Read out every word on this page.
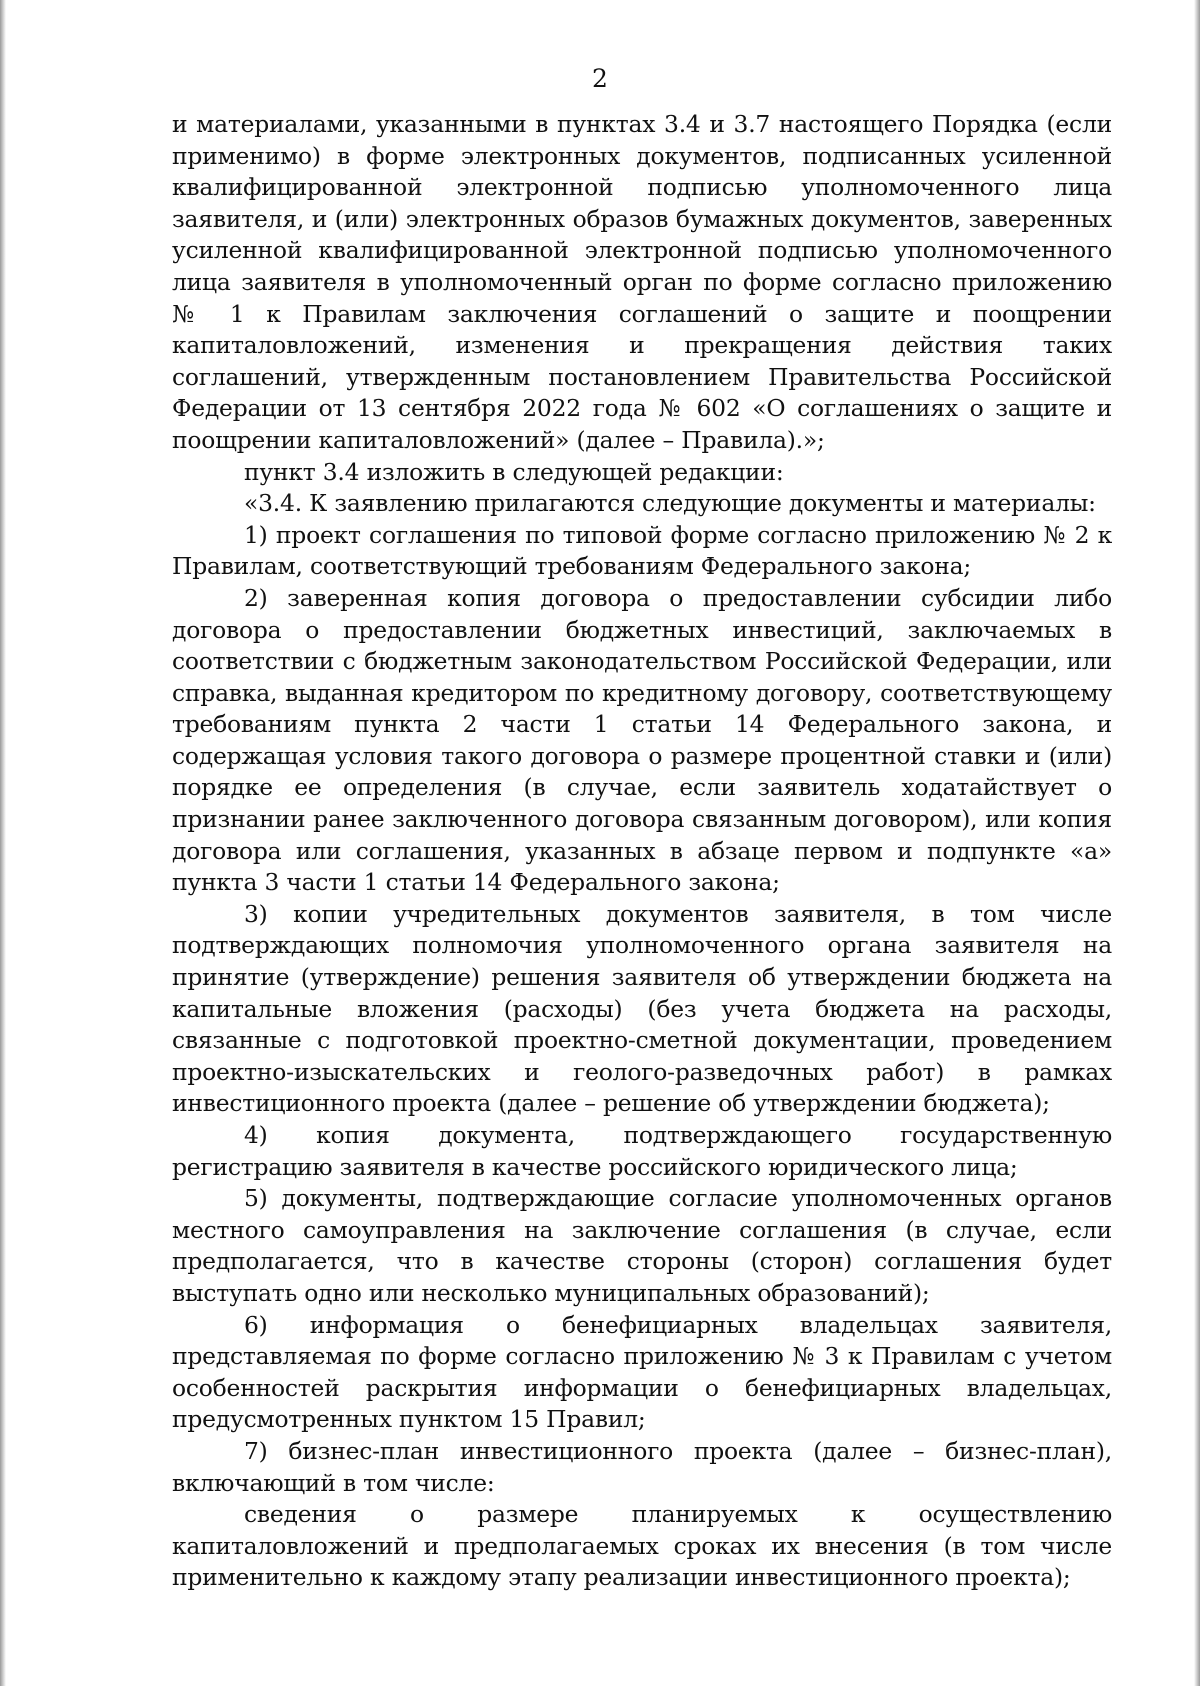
2

и материалами, указанными в пунктах 3.4 и 3.7 настоящего Порядка (если применимо) в форме электронных документов, подписанных усиленной квалифицированной электронной подписью уполномоченного лица заявителя, и (или) электронных образов бумажных документов, заверенных усиленной квалифицированной электронной подписью уполномоченного лица заявителя в уполномоченный орган по форме согласно приложению № 1 к Правилам заключения соглашений о защите и поощрении капиталовложений, изменения и прекращения действия таких соглашений, утвержденным постановлением Правительства Российской Федерации от 13 сентября 2022 года № 602 «О соглашениях о защите и поощрении капиталовложений» (далее – Правила).»;

пункт 3.4 изложить в следующей редакции:

«3.4. К заявлению прилагаются следующие документы и материалы:

1) проект соглашения по типовой форме согласно приложению № 2 к Правилам, соответствующий требованиям Федерального закона;

2) заверенная копия договора о предоставлении субсидии либо договора о предоставлении бюджетных инвестиций, заключаемых в соответствии с бюджетным законодательством Российской Федерации, или справка, выданная кредитором по кредитному договору, соответствующему требованиям пункта 2 части 1 статьи 14 Федерального закона, и содержащая условия такого договора о размере процентной ставки и (или) порядке ее определения (в случае, если заявитель ходатайствует о признании ранее заключенного договора связанным договором), или копия договора или соглашения, указанных в абзаце первом и подпункте «а» пункта 3 части 1 статьи 14 Федерального закона;

3) копии учредительных документов заявителя, в том числе подтверждающих полномочия уполномоченного органа заявителя на принятие (утверждение) решения заявителя об утверждении бюджета на капитальные вложения (расходы) (без учета бюджета на расходы, связанные с подготовкой проектно-сметной документации, проведением проектно-изыскательских и геолого-разведочных работ) в рамках инвестиционного проекта (далее – решение об утверждении бюджета);

4) копия документа, подтверждающего государственную регистрацию заявителя в качестве российского юридического лица;

5) документы, подтверждающие согласие уполномоченных органов местного самоуправления на заключение соглашения (в случае, если предполагается, что в качестве стороны (сторон) соглашения будет выступать одно или несколько муниципальных образований);

6) информация о бенефициарных владельцах заявителя, представляемая по форме согласно приложению № 3 к Правилам с учетом особенностей раскрытия информации о бенефициарных владельцах, предусмотренных пунктом 15 Правил;

7) бизнес-план инвестиционного проекта (далее – бизнес-план), включающий в том числе:

сведения о размере планируемых к осуществлению капиталовложений и предполагаемых сроках их внесения (в том числе применительно к каждому этапу реализации инвестиционного проекта);
